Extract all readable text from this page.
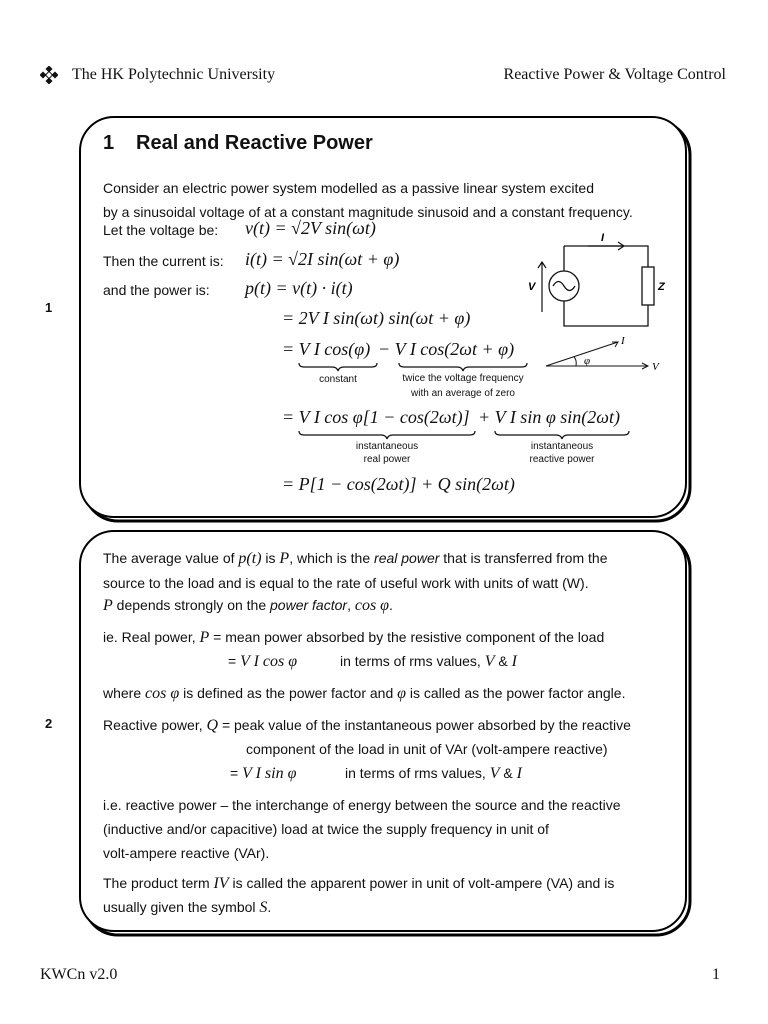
The HK Polytechnic University	Reactive Power & Voltage Control
1
2
1 Real and Reactive Power
Consider an electric power system modelled as a passive linear system excited
by a sinusoidal voltage of at a constant magnitude sinusoid and a constant frequency.
Let the voltage be: v(t) = √2V sin(ωt)
Then the current is: i(t) = √2I sin(ωt + φ)
and the power is: p(t) = v(t) · i(t)
= 2V I sin(ωt) sin(ωt + φ)
= V I cos(φ) − V I cos(2ωt + φ)
constant	twice the voltage frequency
with an average of zero
= V I cos φ[1 − cos(2ωt)] + V I sin φ sin(2ωt)
instantaneous
real power
instantaneous
reactive power
= P[1 − cos(2ωt)] + Q sin(2ωt)
I
V	Z
I
V
φ
The average value of p(t) is P, which is the real power that is transferred from the
source to the load and is equal to the rate of useful work with units of watt (W).
P depends strongly on the power factor, cos φ.
ie. Real power, P = mean power absorbed by the resistive component of the load
= V I cos φ	in terms of rms values, V & I
where cos φ is defined as the power factor and φ is called as the power factor angle.
Reactive power, Q = peak value of the instantaneous power absorbed by the reactive
component of the load in unit of VAr (volt-ampere reactive)
= V I sin φ	in terms of rms values, V & I
i.e. reactive power – the interchange of energy between the source and the reactive
(inductive and/or capacitive) load at twice the supply frequency in unit of
volt-ampere reactive (VAr).
The product term IV is called the apparent power in unit of volt-ampere (VA) and is
usually given the symbol S.
KWCn v2.0	1
